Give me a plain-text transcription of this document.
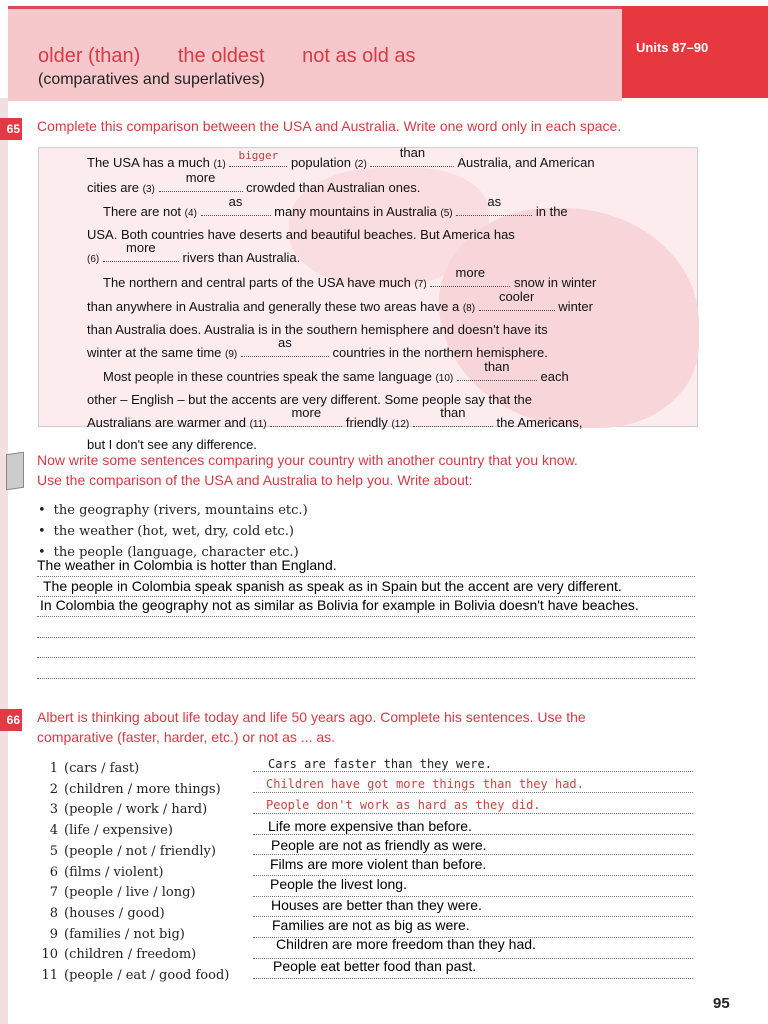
older (than) the oldest not as old as
(comparatives and superlatives)
Units 87–90
65 Complete this comparison between the USA and Australia. Write one word only in each space.
The USA has a much (1)
bigger population (2)
than
Australia, and American
cities are (3)
more
crowded than Australian ones.
There are not (4)
as
many mountains in Australia (5)
as
in the
USA. Both countries have deserts and beautiful beaches. But America has
(6)
more
rivers than Australia.
The northern and central parts of the USA have much (7)
more
snow in winter
than anywhere in Australia and generally these two areas have a (8)
cooler
winter
than Australia does. Australia is in the southern hemisphere and doesn't have its
winter at the same time (9)
as
countries in the northern hemisphere.
Most people in these countries speak the same language (10)
than
each
other – English – but the accents are very different. Some people say that the
Australians are warmer and (11)
more
friendly (12)
than
the Americans,
but I don't see any difference.
Now write some sentences comparing your country with another country that you know.
Use the comparison of the USA and Australia to help you. Write about:
• the geography (rivers, mountains etc.)
• the weather (hot, wet, dry, cold etc.)
• the people (language, character etc.)
The weather in Colombia is hotter than England.
The people in Colombia speak spanish as speak as in Spain but the accent are very different.
In Colombia the geography not as similar as Bolivia for example in Bolivia doesn't have beaches.
66 Albert is thinking about life today and life 50 years ago. Complete his sentences. Use the
comparative (faster, harder, etc.) or not as ... as.
1 (cars / fast)
2 (children / more things)
3 (people / work / hard)
4 (life / expensive)
5 (people / not / friendly)
6 (films / violent)
7 (people / live / long)
8 (houses / good)
9 (families / not big)
10 (children / freedom)
11 (people / eat / good food)
Cars are faster than they were.
Children have got more things than they had.
People don't work as hard as they did.
Life more expensive than before.
People are not as friendly as were.
Films are more violent than before.
People the livest long.
Houses are better than they were.
Families are not as big as were.
Children are more freedom than they had.
People eat better food than past.
95
